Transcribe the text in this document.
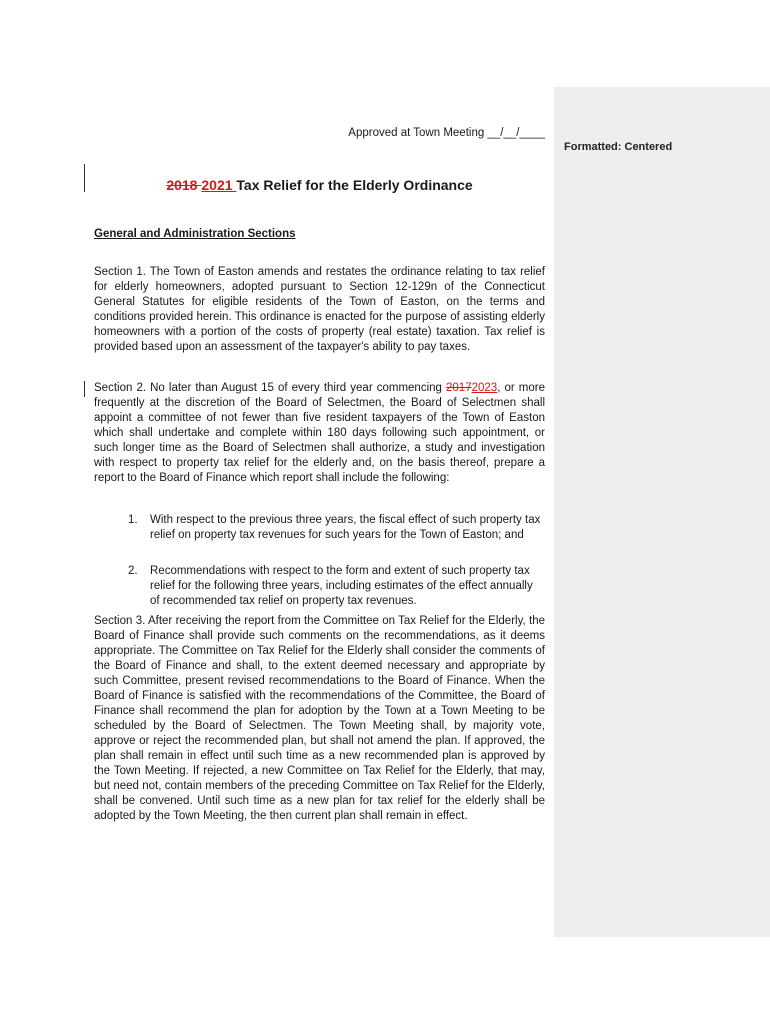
Formatted: Centered
Approved at Town Meeting __/__/____
2018 2021 Tax Relief for the Elderly Ordinance
General and Administration Sections

Section 1. The Town of Easton amends and restates the ordinance relating to tax relief for elderly homeowners, adopted pursuant to Section 12-129n of the Connecticut General Statutes for eligible residents of the Town of Easton, on the terms and conditions provided herein. This ordinance is enacted for the purpose of assisting elderly homeowners with a portion of the costs of property (real estate) taxation. Tax relief is provided based upon an assessment of the taxpayer's ability to pay taxes.

Section 2. No later than August 15 of every third year commencing 20172023, or more frequently at the discretion of the Board of Selectmen, the Board of Selectmen shall appoint a committee of not fewer than five resident taxpayers of the Town of Easton which shall undertake and complete within 180 days following such appointment, or such longer time as the Board of Selectmen shall authorize, a study and investigation with respect to property tax relief for the elderly and, on the basis thereof, prepare a report to the Board of Finance which report shall include the following:

1. With respect to the previous three years, the fiscal effect of such property tax relief on property tax revenues for such years for the Town of Easton; and
2. Recommendations with respect to the form and extent of such property tax relief for the following three years, including estimates of the effect annually of recommended tax relief on property tax revenues.

Section 3. After receiving the report from the Committee on Tax Relief for the Elderly, the Board of Finance shall provide such comments on the recommendations, as it deems appropriate. The Committee on Tax Relief for the Elderly shall consider the comments of the Board of Finance and shall, to the extent deemed necessary and appropriate by such Committee, present revised recommendations to the Board of Finance. When the Board of Finance is satisfied with the recommendations of the Committee, the Board of Finance shall recommend the plan for adoption by the Town at a Town Meeting to be scheduled by the Board of Selectmen. The Town Meeting shall, by majority vote, approve or reject the recommended plan, but shall not amend the plan. If approved, the plan shall remain in effect until such time as a new recommended plan is approved by the Town Meeting. If rejected, a new Committee on Tax Relief for the Elderly, that may, but need not, contain members of the preceding Committee on Tax Relief for the Elderly, shall be convened. Until such time as a new plan for tax relief for the elderly shall be adopted by the Town Meeting, the then current plan shall remain in effect.
